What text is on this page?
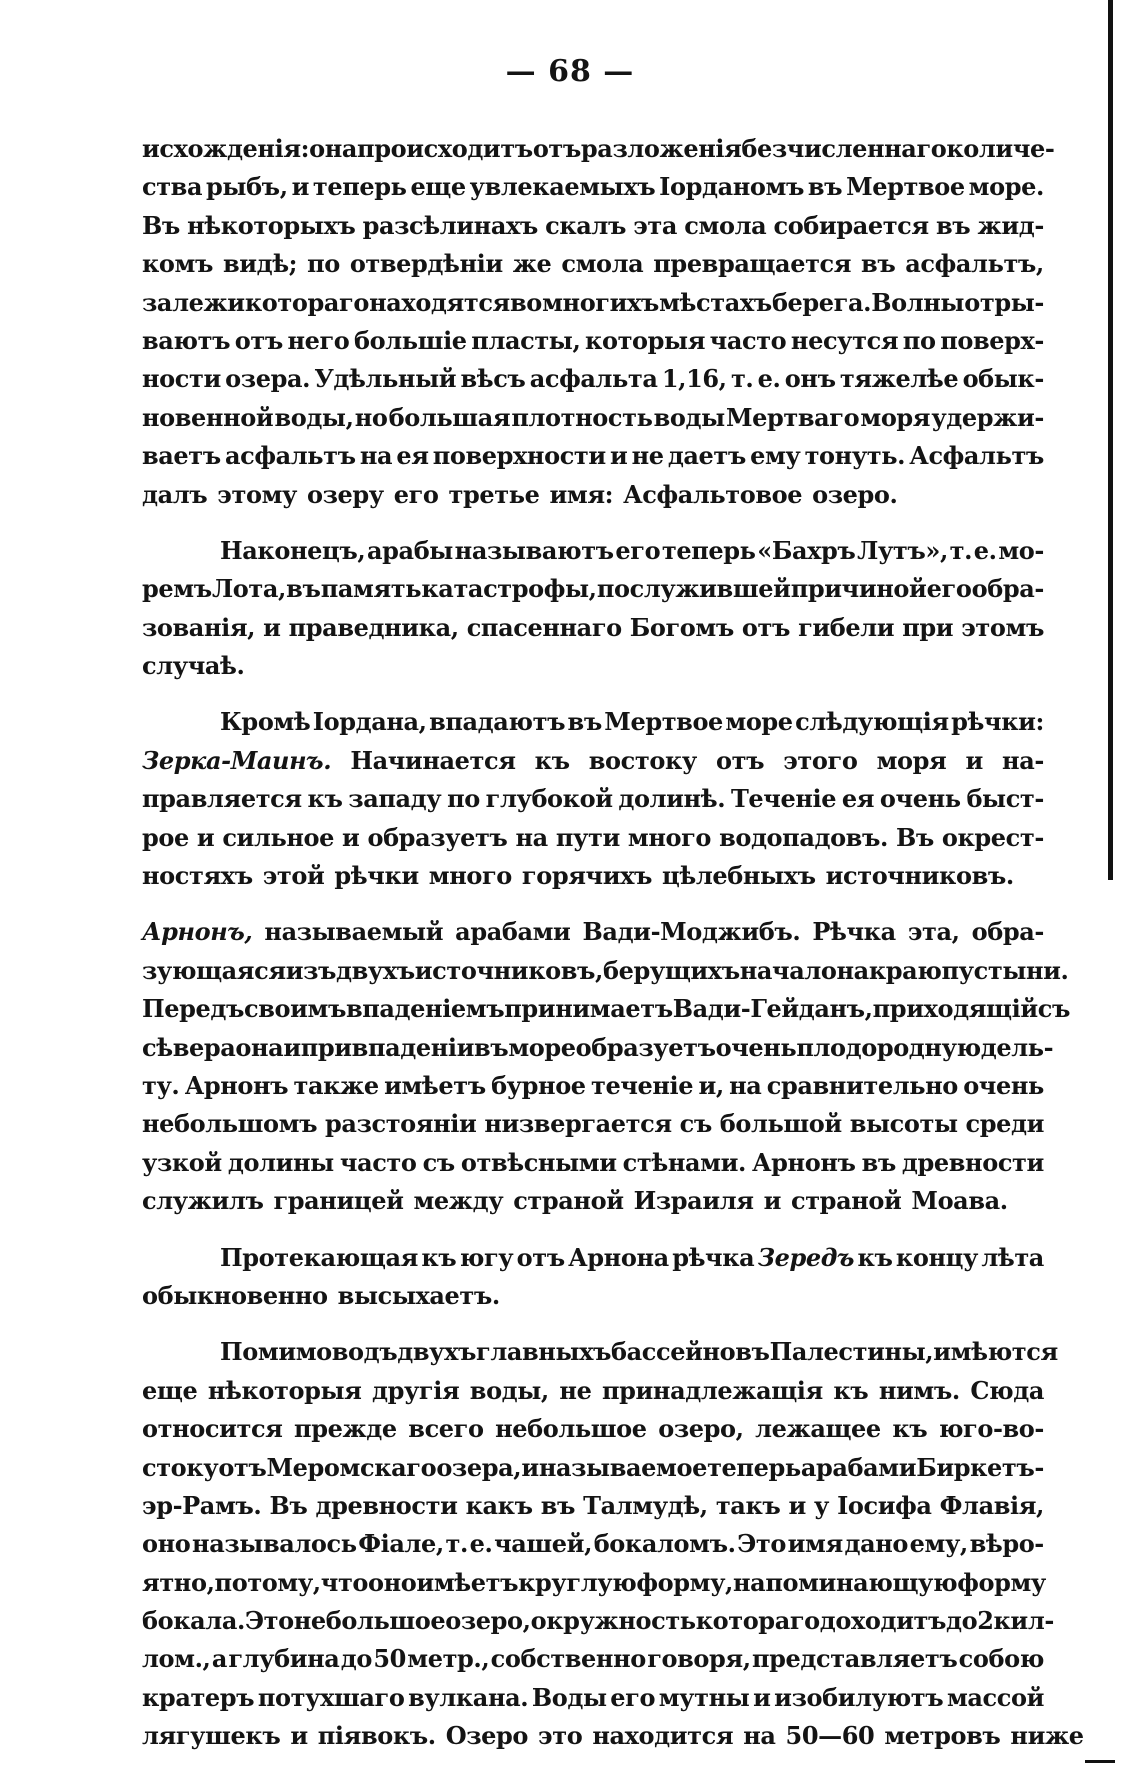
— 68 —
исхожденія: она происходитъ отъ разложенія безчисленнаго количе-
ства рыбъ, и теперь еще увлекаемыхъ Іорданомъ въ Мертвое море.
Въ нѣкоторыхъ разсѣлинахъ скалъ эта смола собирается въ жид-
комъ видѣ; по отвердѣніи же смола превращается въ асфальтъ,
залежи котораго находятся во многихъ мѣстахъ берега. Волны отры-
ваютъ отъ него большіе пласты, которыя часто несутся по поверх-
ности озера. Удѣльный вѣсъ асфальта 1,16, т. е. онъ тяжелѣе обык-
новенной воды, но большая плотность воды Мертваго моря удержи-
ваетъ асфальтъ на ея поверхности и не даетъ ему тонуть. Асфальтъ
далъ этому озеру его третье имя: Асфальтовое озеро.
Наконецъ, арабы называютъ его теперь «Бахръ Лутъ», т. е. мо-
ремъ Лота, въ память катастрофы, послужившей причиной его обра-
зованія, и праведника, спасеннаго Богомъ отъ гибели при этомъ
случаѣ.
Кромѣ Іордана, впадаютъ въ Мертвое море слѣдующія рѣчки:
Зерка-Маинъ. Начинается къ востоку отъ этого моря и на-
правляется къ западу по глубокой долинѣ. Теченіе ея очень быст-
рое и сильное и образуетъ на пути много водопадовъ. Въ окрест-
ностяхъ этой рѣчки много горячихъ цѣлебныхъ источниковъ.
Арнонъ, называемый арабами Вади-Моджибъ. Рѣчка эта, обра-
зующаяся изъ двухъ источниковъ, берущихъ начало на краю пустыни.
Передъ своимъ впаденіемъ принимаетъ Вади-Гейданъ, приходящій съ
сѣвера она и при впаденіи въ море образуетъ очень плодородную дель-
ту. Арнонъ также имѣетъ бурное теченіе и, на сравнительно очень
небольшомъ разстояніи низвергается съ большой высоты среди
узкой долины часто съ отвѣсными стѣнами. Арнонъ въ древности
служилъ границей между страной Израиля и страной Моава.
Протекающая къ югу отъ Арнона рѣчка Зередъ къ концу лѣта
обыкновенно высыхаетъ.
Помимо водъ двухъ главныхъ бассейновъ Палестины, имѣются
еще нѣкоторыя другія воды, не принадлежащія къ нимъ. Сюда
относится прежде всего небольшое озеро, лежащее къ юго-во-
стоку отъ Меромскаго озера, и называемое теперь арабами Биркетъ-
эр-Рамъ. Въ древности какъ въ Талмудѣ, такъ и у Іосифа Флавія,
оно называлось Фіале, т. е. чашей, бокаломъ. Это имя дано ему, вѣро-
ятно, потому, что оно имѣетъ круглую форму, напоминающую форму
бокала. Это небольшое озеро, окружность котораго доходитъ до 2 кил-
лом., а глубина до 50 метр., собственно говоря, представляетъ собою
кратеръ потухшаго вулкана. Воды его мутны и изобилуютъ массой
лягушекъ и піявокъ. Озеро это находится на 50—60 метровъ ниже
